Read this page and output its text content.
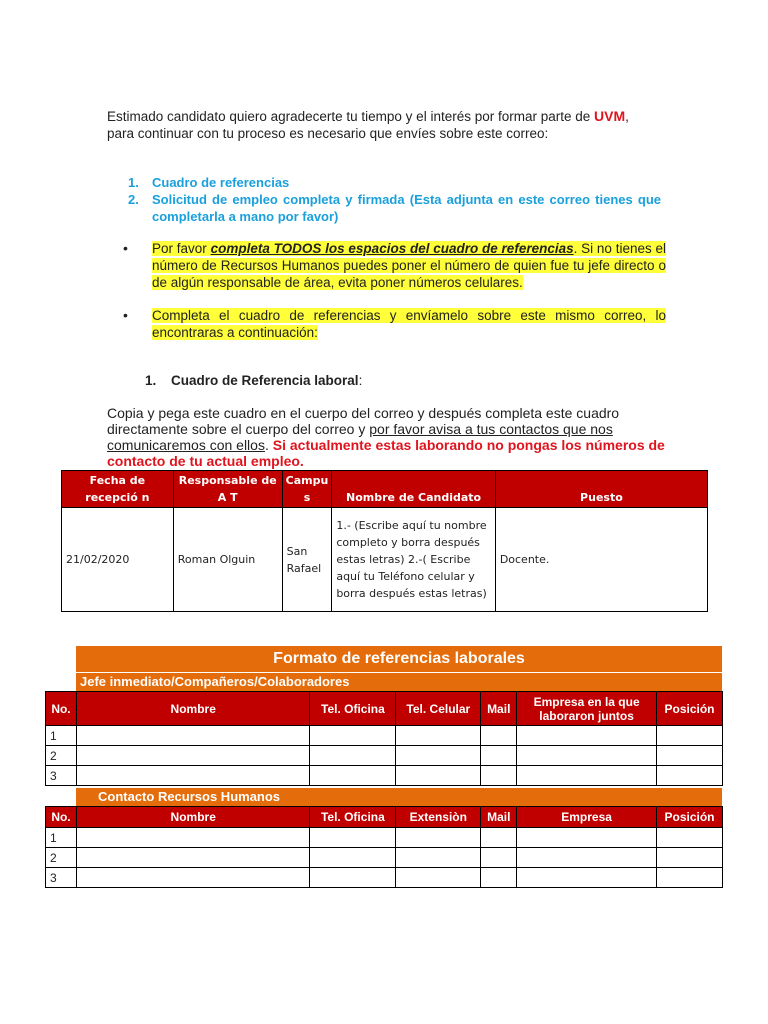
Estimado candidato quiero agradecerte tu tiempo y el interés por formar parte de UVM,
para continuar con tu proceso es necesario que envíes sobre este correo:
1.	Cuadro de referencias
2.	Solicitud de empleo completa y firmada (Esta adjunta en este correo tienes que completarla a mano por favor)
•	Por favor completa TODOS los espacios del cuadro de referencias. Si no tienes el número de Recursos Humanos puedes poner el número de quien fue tu jefe directo o de algún responsable de área, evita poner números celulares.
•	Completa el cuadro de referencias y envíamelo sobre este mismo correo, lo encontraras a continuación:
1. Cuadro de Referencia laboral:
Copia y pega este cuadro en el cuerpo del correo y después completa este cuadro directamente sobre el cuerpo del correo y por favor avisa a tus contactos que nos comunicaremos con ellos. Si actualmente estas laborando no pongas los números de contacto de tu actual empleo.
Fecha de recepció n	Responsable de A T	Campu s	Nombre de Candidato	Puesto
21/02/2020	Roman Olguin	San Rafael	1.- (Escribe aquí tu nombre completo y borra después estas letras) 2.-( Escribe aquí tu Teléfono celular y borra después estas letras)	Docente.
Formato de referencias laborales
Jefe inmediato/Compañeros/Colaboradores
No.	Nombre	Tel. Oficina	Tel. Celular	Mail	Empresa en la que laboraron juntos	Posición
1						
2						
3						
Contacto Recursos Humanos
No.	Nombre	Tel. Oficina	Extensiòn	Mail	Empresa	Posición
1						
2						
3						
